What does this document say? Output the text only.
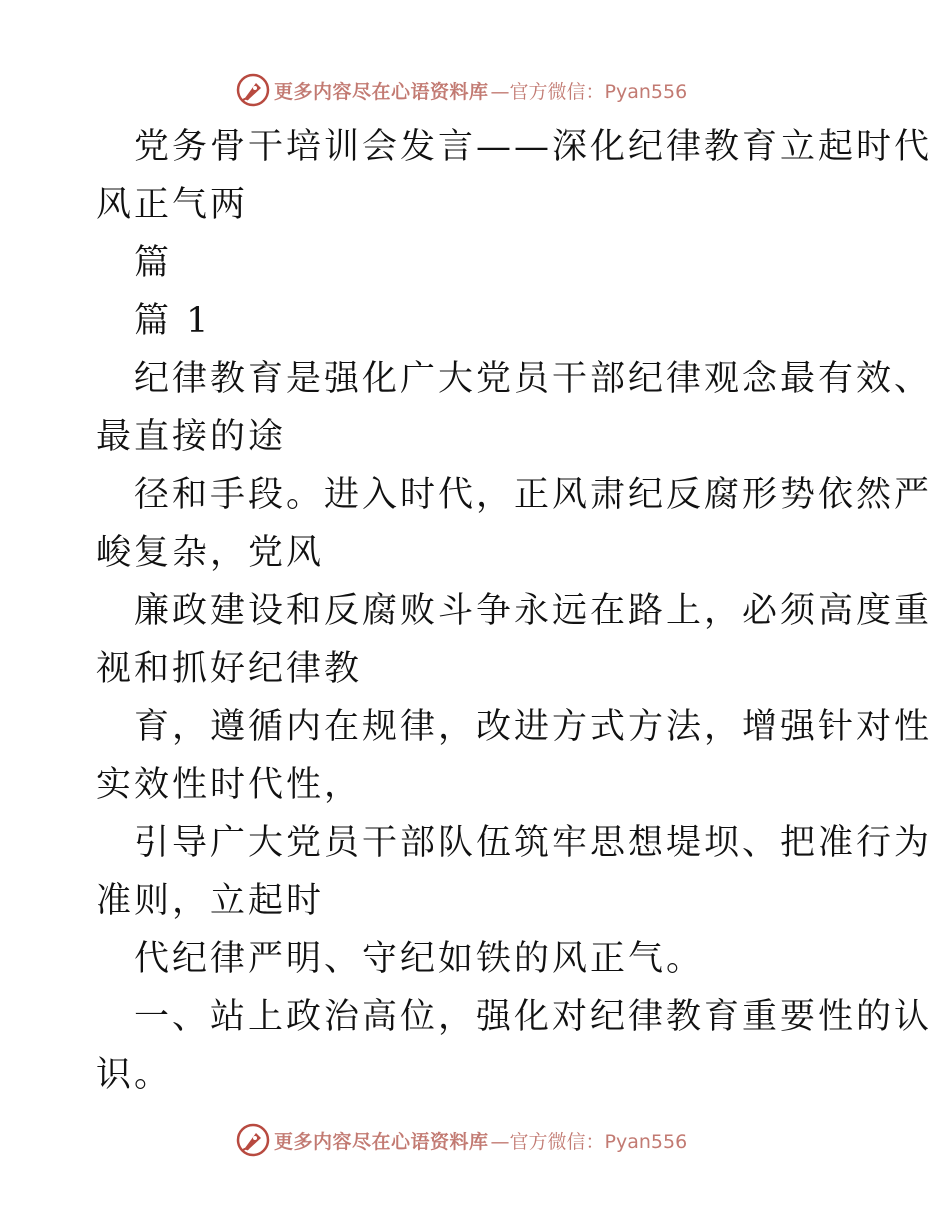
更多内容尽在心语资料库 —官方微信：Pyan556
党务骨干培训会发言——深化纪律教育立起时代
风正气两
篇
篇 1
纪律教育是强化广大党员干部纪律观念最有效、
最直接的途
径和手段。进入时代，正风肃纪反腐形势依然严
峻复杂，党风
廉政建设和反腐败斗争永远在路上，必须高度重
视和抓好纪律教
育，遵循内在规律，改进方式方法，增强针对性
实效性时代性，
引导广大党员干部队伍筑牢思想堤坝、把准行为
准则，立起时
代纪律严明、守纪如铁的风正气。
一、站上政治高位，强化对纪律教育重要性的认
识。
更多内容尽在心语资料库 —官方微信：Pyan556
